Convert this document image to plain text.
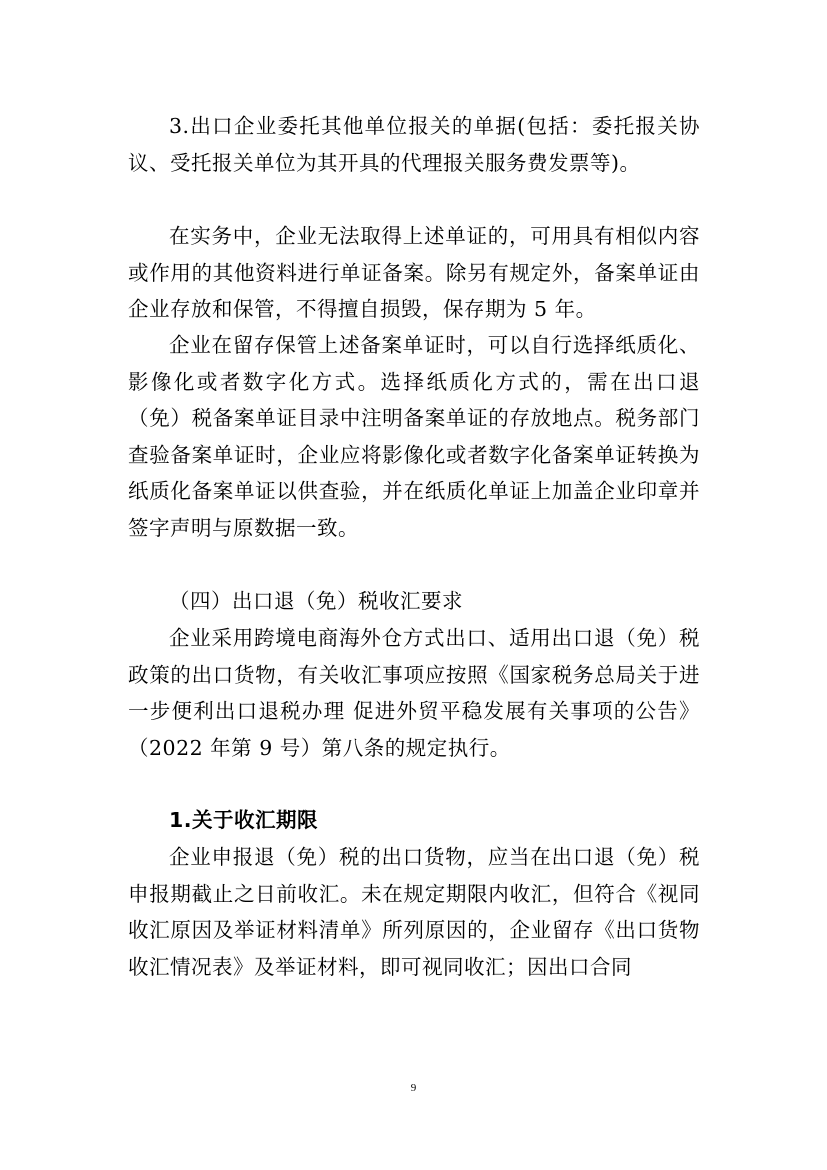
3.出口企业委托其他单位报关的单据(包括：委托报关协议、受托报关单位为其开具的代理报关服务费发票等)。

在实务中，企业无法取得上述单证的，可用具有相似内容或作用的其他资料进行单证备案。除另有规定外，备案单证由企业存放和保管，不得擅自损毁，保存期为 5 年。

企业在留存保管上述备案单证时，可以自行选择纸质化、影像化或者数字化方式。选择纸质化方式的，需在出口退（免）税备案单证目录中注明备案单证的存放地点。税务部门查验备案单证时，企业应将影像化或者数字化备案单证转换为纸质化备案单证以供查验，并在纸质化单证上加盖企业印章并签字声明与原数据一致。

（四）出口退（免）税收汇要求

企业采用跨境电商海外仓方式出口、适用出口退（免）税政策的出口货物，有关收汇事项应按照《国家税务总局关于进一步便利出口退税办理 促进外贸平稳发展有关事项的公告》（2022 年第 9 号）第八条的规定执行。

1.关于收汇期限

企业申报退（免）税的出口货物，应当在出口退（免）税申报期截止之日前收汇。未在规定期限内收汇，但符合《视同收汇原因及举证材料清单》所列原因的，企业留存《出口货物收汇情况表》及举证材料，即可视同收汇；因出口合同

9
